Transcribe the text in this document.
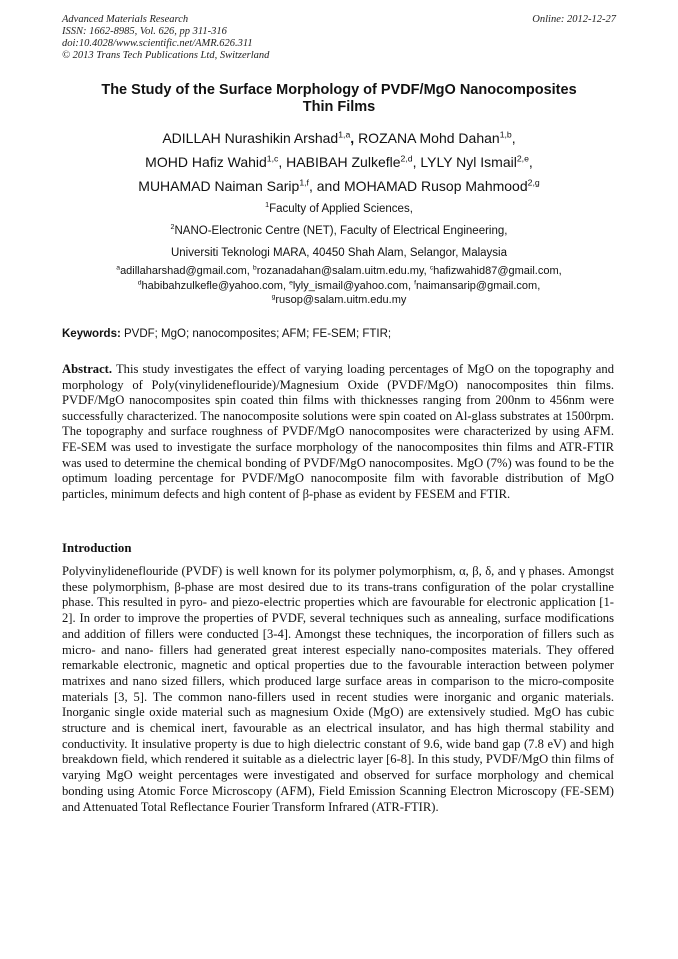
Advanced Materials Research
ISSN: 1662-8985, Vol. 626, pp 311-316
doi:10.4028/www.scientific.net/AMR.626.311
© 2013 Trans Tech Publications Ltd, Switzerland
Online: 2012-12-27
The Study of the Surface Morphology of PVDF/MgO Nanocomposites
Thin Films
ADILLAH Nurashikin Arshad$^{1,a}$, ROZANA Mohd Dahan$^{1,b}$,
MOHD Hafiz Wahid$^{1,c}$, HABIBAH Zulkefle$^{2,d}$, LYLY Nyl Ismail$^{2,e}$,
MUHAMAD Naiman Sarip$^{1,f}$, and MOHAMAD Rusop Mahmood$^{2,g}$
$^1$Faculty of Applied Sciences,
$^2$NANO-Electronic Centre (NET), Faculty of Electrical Engineering,
Universiti Teknologi MARA, 40450 Shah Alam, Selangor, Malaysia
$^a$adillaharshad@gmail.com, $^b$rozanadahan@salam.uitm.edu.my, $^c$hafizwahid87@gmail.com,
$^d$habibahzulkefle@yahoo.com, $^e$lyly_ismail@yahoo.com, $^f$naimansarip@gmail.com,
$^g$rusop@salam.uitm.edu.my
Keywords: PVDF; MgO; nanocomposites; AFM; FE-SEM; FTIR;
Abstract. This study investigates the effect of varying loading percentages of MgO on the topography and morphology of Poly(vinylideneflouride)/Magnesium Oxide (PVDF/MgO) nanocomposites thin films. PVDF/MgO nanocomposites spin coated thin films with thicknesses ranging from 200nm to 456nm were successfully characterized. The nanocomposite solutions were spin coated on Al-glass substrates at 1500rpm. The topography and surface roughness of PVDF/MgO nanocomposites were characterized by using AFM. FE-SEM was used to investigate the surface morphology of the nanocomposites thin films and ATR-FTIR was used to determine the chemical bonding of PVDF/MgO nanocomposites. MgO (7%) was found to be the optimum loading percentage for PVDF/MgO nanocomposite film with favorable distribution of MgO particles, minimum defects and high content of β-phase as evident by FESEM and FTIR.
Introduction
Polyvinylideneflouride (PVDF) is well known for its polymer polymorphism, α, β, δ, and γ phases. Amongst these polymorphism, β-phase are most desired due to its trans-trans configuration of the polar crystalline phase. This resulted in pyro- and piezo-electric properties which are favourable for electronic application [1-2]. In order to improve the properties of PVDF, several techniques such as annealing, surface modifications and addition of fillers were conducted [3-4]. Amongst these techniques, the incorporation of fillers such as micro- and nano- fillers had generated great interest especially nano-composites materials. They offered remarkable electronic, magnetic and optical properties due to the favourable interaction between polymer matrixes and nano sized fillers, which produced large surface areas in comparison to the micro-composite materials [3, 5]. The common nano-fillers used in recent studies were inorganic and organic materials. Inorganic single oxide material such as magnesium Oxide (MgO) are extensively studied. MgO has cubic structure and is chemical inert, favourable as an electrical insulator, and has high thermal stability and conductivity. It insulative property is due to high dielectric constant of 9.6, wide band gap (7.8 eV) and high breakdown field, which rendered it suitable as a dielectric layer [6-8]. In this study, PVDF/MgO thin films of varying MgO weight percentages were investigated and observed for surface morphology and chemical bonding using Atomic Force Microscopy (AFM), Field Emission Scanning Electron Microscopy (FE-SEM) and Attenuated Total Reflectance Fourier Transform Infrared (ATR-FTIR).
